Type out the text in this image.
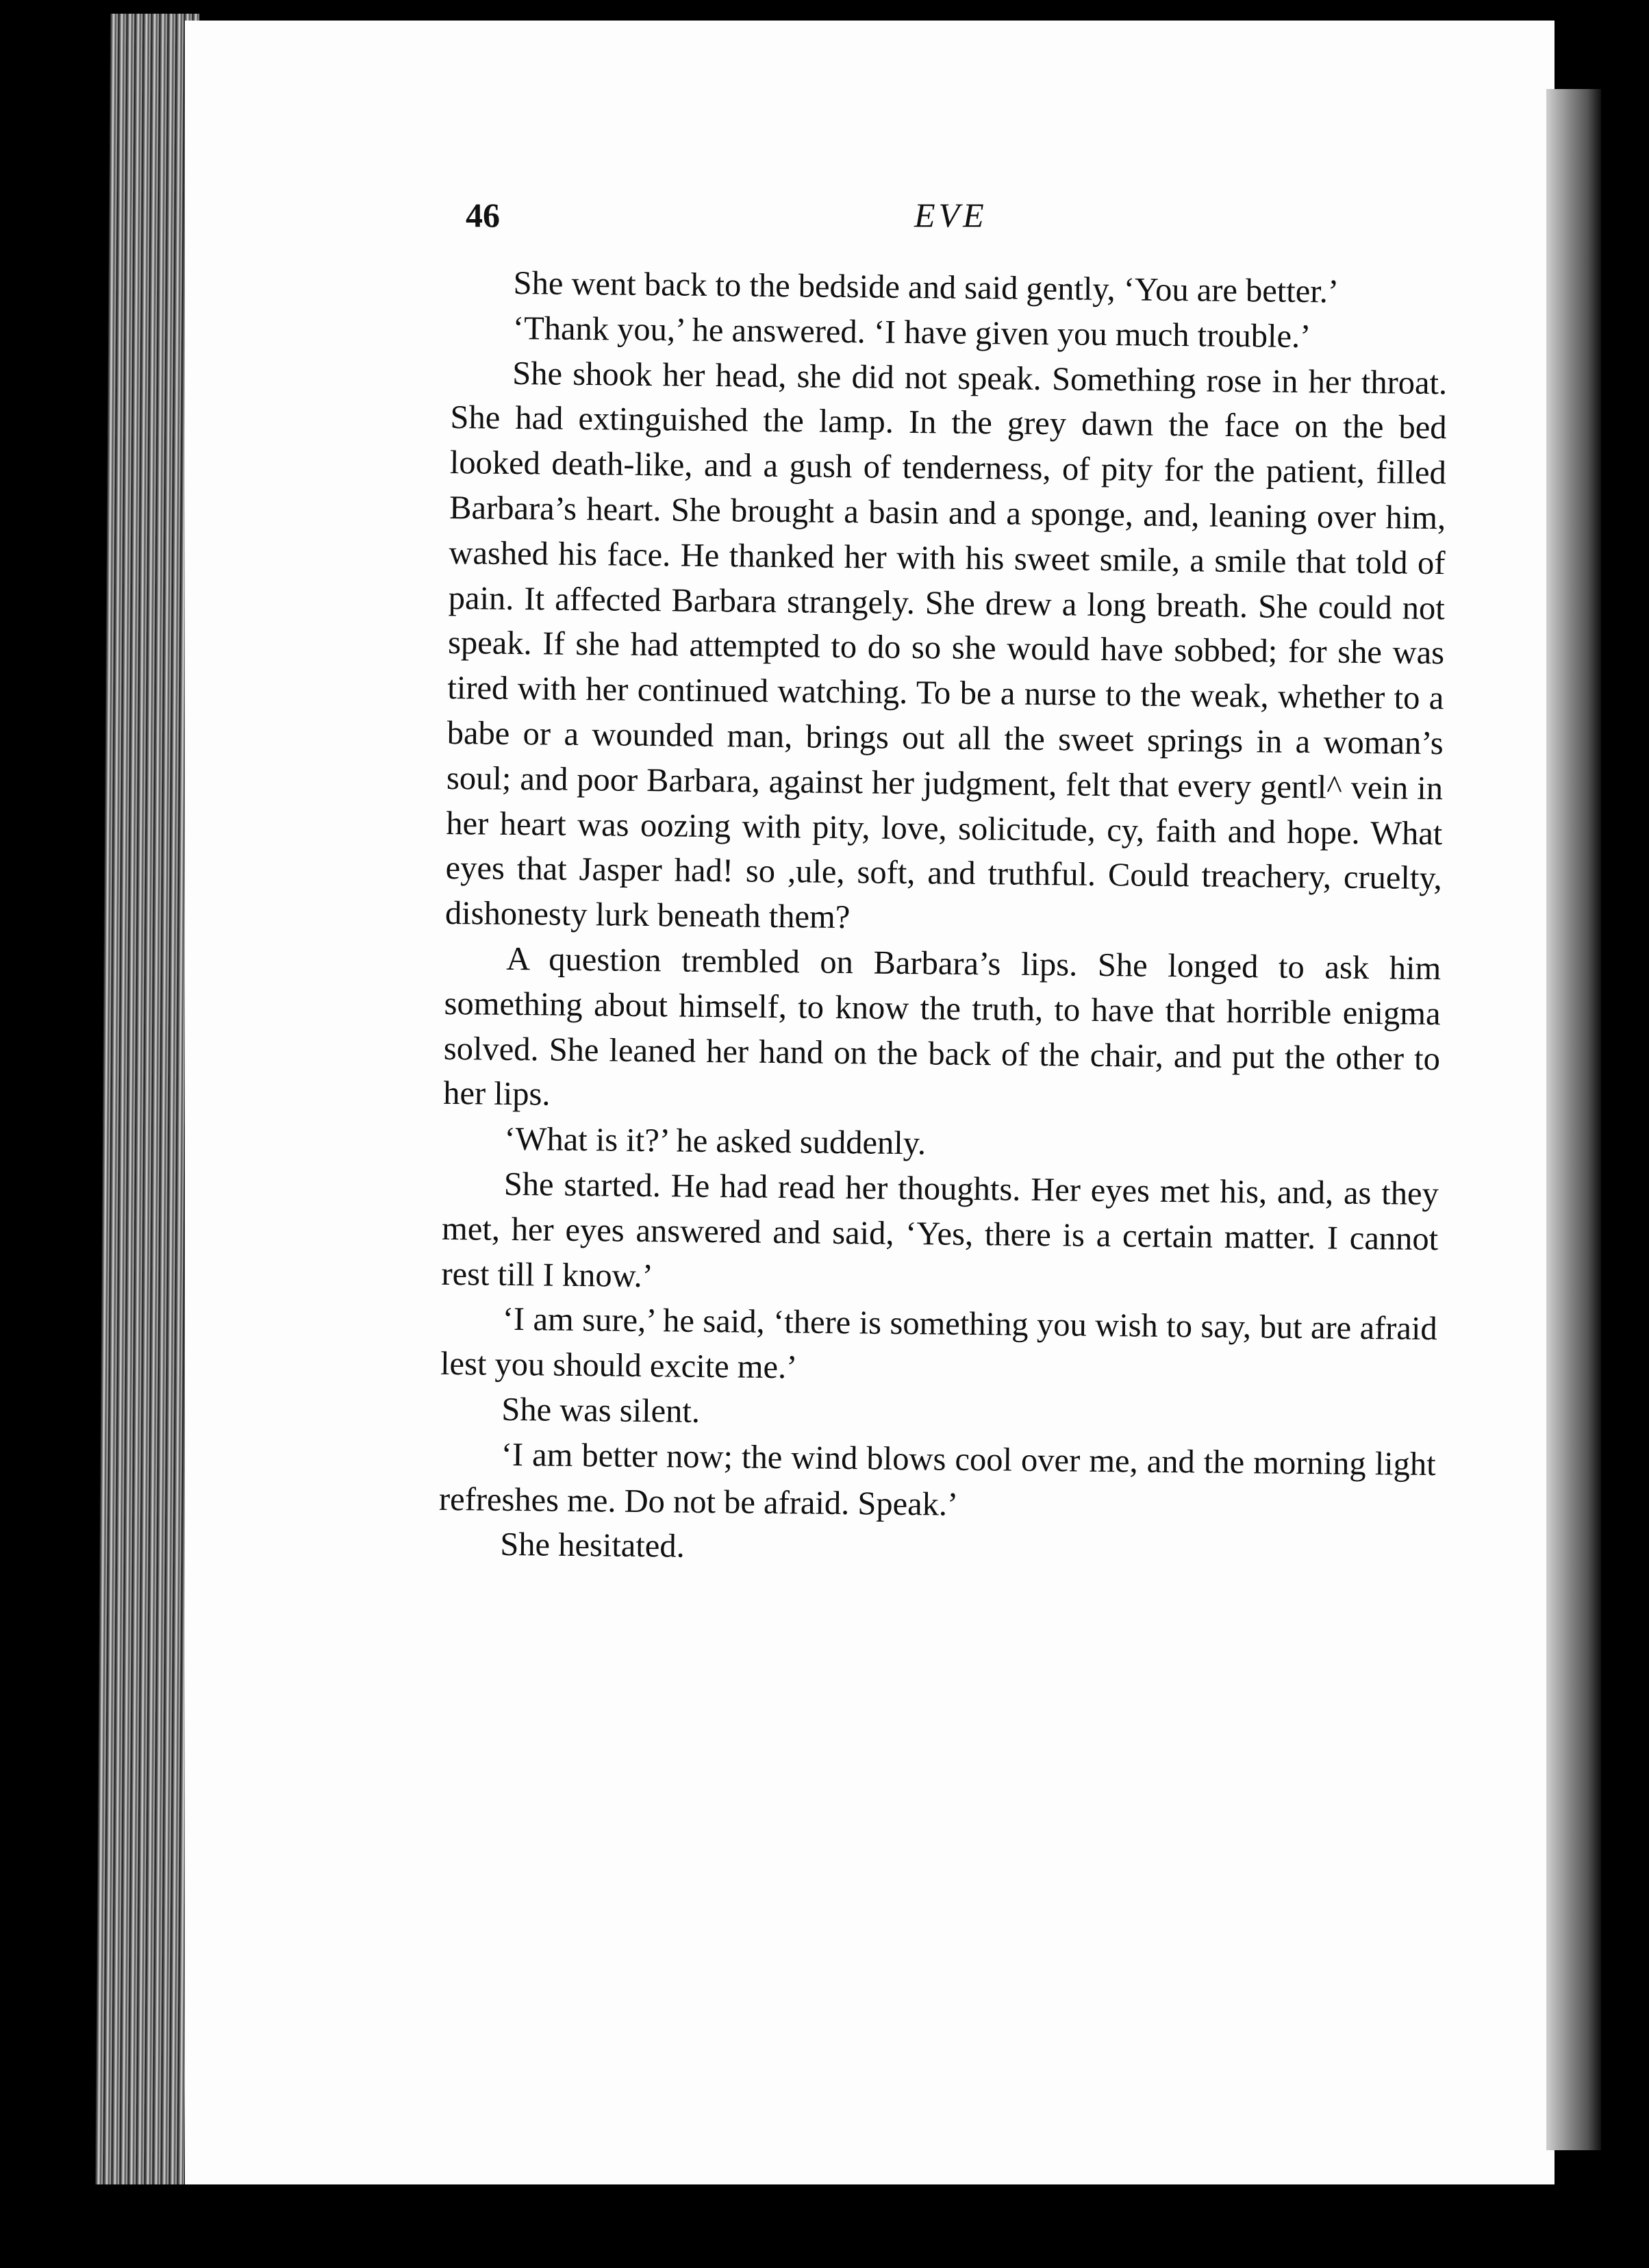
46	EVE

She went back to the bedside and said gently, ‘You are better.’

‘Thank you,’ he answered. ‘I have given you much trouble.’

She shook her head, she did not speak. Something rose in her throat. She had extinguished the lamp. In the grey dawn the face on the bed looked death-like, and a gush of tenderness, of pity for the patient, filled Barbara’s heart. She brought a basin and a sponge, and, leaning over him, washed his face. He thanked her with his sweet smile, a smile that told of pain. It affected Barbara strangely. She drew a long breath. She could not speak. If she had attempted to do so she would have sobbed; for she was tired with her continued watching. To be a nurse to the weak, whether to a babe or a wounded man, brings out all the sweet springs in a woman’s soul; and poor Barbara, against her judgment, felt that every gentl^ vein in her heart was oozing with pity, love, solicitude, cy, faith and hope. What eyes that Jasper had! so ,ule, soft, and truthful. Could treachery, cruelty, dishonesty lurk beneath them?

A question trembled on Barbara’s lips. She longed to ask him something about himself, to know the truth, to have that horrible enigma solved. She leaned her hand on the back of the chair, and put the other to her lips.

‘What is it?’ he asked suddenly.

She started. He had read her thoughts. Her eyes met his, and, as they met, her eyes answered and said, ‘Yes, there is a certain matter. I cannot rest till I know.’

‘I am sure,’ he said, ‘there is something you wish to say, but are afraid lest you should excite me.’

She was silent.

‘I am better now; the wind blows cool over me, and the morning light refreshes me. Do not be afraid. Speak.’

She hesitated.
